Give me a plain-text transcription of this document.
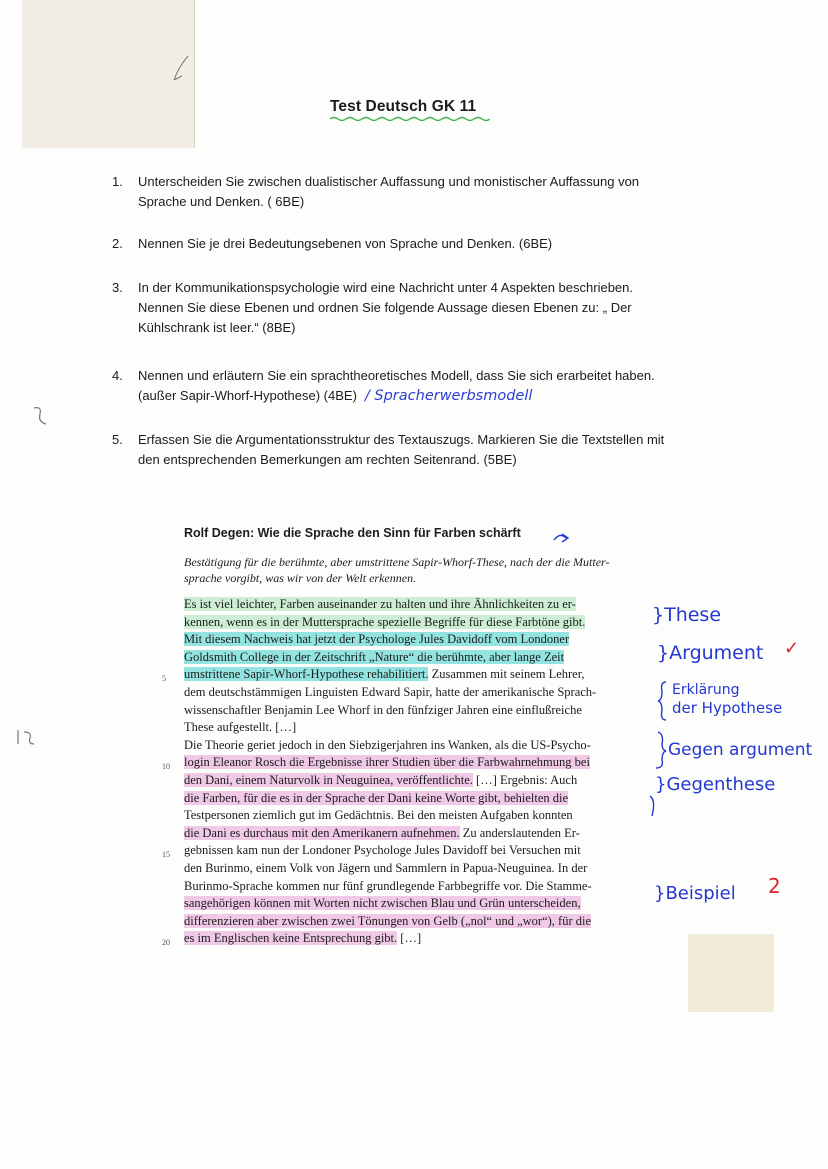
Test Deutsch GK 11
1. Unterscheiden Sie zwischen dualistischer Auffassung und monistischer Auffassung von
Sprache und Denken. ( 6BE)
2. Nennen Sie je drei Bedeutungsebenen von Sprache und Denken. (6BE)
3. In der Kommunikationspsychologie wird eine Nachricht unter 4 Aspekten beschrieben.
Nennen Sie diese Ebenen und ordnen Sie folgende Aussage diesen Ebenen zu: „ Der
Kühlschrank ist leer.“ (8BE)
4. Nennen und erläutern Sie ein sprachtheoretisches Modell, dass Sie sich erarbeitet haben.
(außer Sapir-Whorf-Hypothese) (4BE) / Spracherwerbsmodell
5. Erfassen Sie die Argumentationsstruktur des Textauszugs. Markieren Sie die Textstellen mit
den entsprechenden Bemerkungen am rechten Seitenrand. (5BE)
Rolf Degen: Wie die Sprache den Sinn für Farben schärft
Bestätigung für die berühmte, aber umstrittene Sapir-Whorf-These, nach der die Mutter-
sprache vorgibt, was wir von der Welt erkennen.
Es ist viel leichter, Farben auseinander zu halten und ihre Ähnlichkeiten zu er-
kennen, wenn es in der Muttersprache spezielle Begriffe für diese Farbtöne gibt.
Mit diesem Nachweis hat jetzt der Psychologe Jules Davidoff vom Londoner
Goldsmith College in der Zeitschrift „Nature“ die berühmte, aber lange Zeit
5 umstrittene Sapir-Whorf-Hypothese rehabilitiert. Zusammen mit seinem Lehrer,
dem deutschstämmigen Linguisten Edward Sapir, hatte der amerikanische Sprach-
wissenschaftler Benjamin Lee Whorf in den fünfziger Jahren eine einflußreiche
These aufgestellt. […]
Die Theorie geriet jedoch in den Siebzigerjahren ins Wanken, als die US-Psycho-
10 login Eleanor Rosch die Ergebnisse ihrer Studien über die Farbwahrnehmung bei
den Dani, einem Naturvolk in Neuguinea, veröffentlichte. […] Ergebnis: Auch
die Farben, für die es in der Sprache der Dani keine Worte gibt, behielten die
Testpersonen ziemlich gut im Gedächtnis. Bei den meisten Aufgaben konnten
die Dani es durchaus mit den Amerikanern aufnehmen. Zu anderslautenden Er-
15 gebnissen kam nun der Londoner Psychologe Jules Davidoff bei Versuchen mit
den Burinmo, einem Volk von Jägern und Sammlern in Papua-Neuguinea. In der
Burinmo-Sprache kommen nur fünf grundlegende Farbbegriffe vor. Die Stamme-
sangehörigen können mit Worten nicht zwischen Blau und Grün unterscheiden,
differenzieren aber zwischen zwei Tönungen von Gelb („nol“ und „wor“), für die
20 es im Englischen keine Entsprechung gibt. […]
}These
}Argument ✓
Erklärung
der Hypothese
Gegen argument
}Gegenthese
}Beispiel 2
